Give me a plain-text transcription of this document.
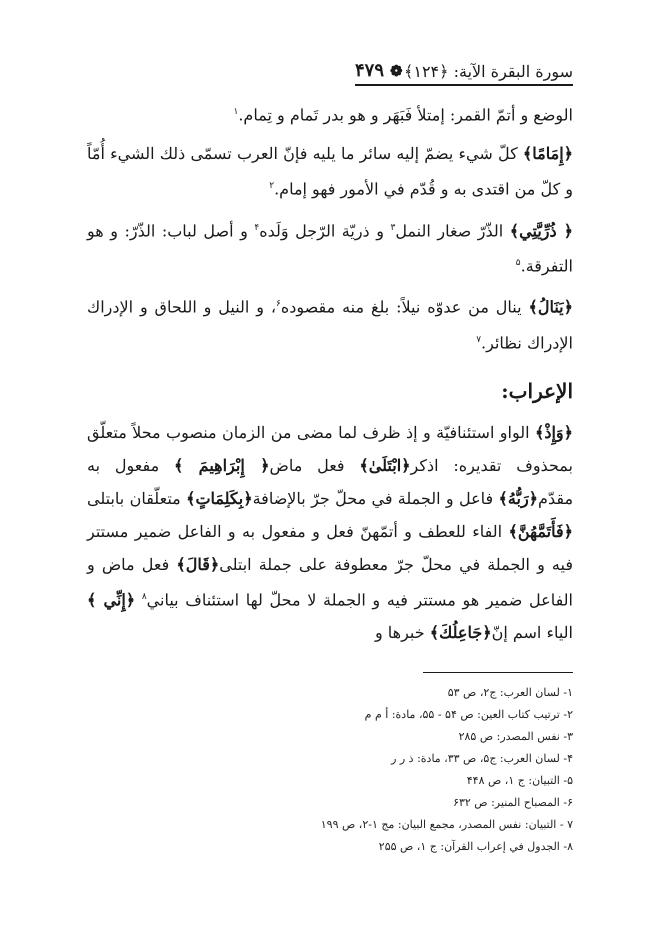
سورة البقرة الآية: ﴿۱۲۴﴾
❁
۴۷۹

الوضع و أتمّ القمر: إمتلأ فَبَهَر و هو بدر تَمام و تِمام.$^۱$

﴿إِمَامًا﴾ كلّ شيء يضمّ إليه سائر ما يليه فإنّ العرب تسمّى ذلك الشيء أُمّاً و كلّ من اقتدى به و قُدّم في الأمور فهو إمام.$^۲$

﴿ ذُرِّيَّتِي﴾ الذّرّ صغار النمل$^۳$ و ذريّة الرّجل وَلَده$^۴$ و أصل لباب: الذّرّ: و هو التفرقة.$^۵$

﴿يَنَالُ﴾ ينال من عدوّه نيلاً: بلغ منه مقصوده$^۶$، و النيل و اللحاق و الإدراك الإدراك نظائر.$^۷$

الإعراب:

﴿وَإِذْ﴾ الواو استئنافيّة و إذ ظرف لما مضى من الزمان منصوب محلاً متعلّق بمحذوف تقديره: اذكر﴿ابْتَلَىٰ﴾ فعل ماض﴿ إِبْرَاهِيمَ ﴾ مفعول به مقدّم﴿رَبُّهُ﴾ فاعل و الجملة في محلّ جرّ بالإضافة﴿بِكَلِمَاتٍ﴾ متعلّقان بابتلى ﴿فَأَتَمَّهُنَّ﴾ الفاء للعطف و أتمّهنّ فعل و مفعول به و الفاعل ضمير مستتر فيه و الجملة في محلّ جرّ معطوفة على جملة ابتلى﴿قَالَ﴾ فعل ماض و الفاعل ضمير هو مستتر فيه و الجملة لا محلّ لها استئناف بياني$^۸$ ﴿إِنِّي ﴾ الياء اسم إنّ﴿جَاعِلُكَ﴾ خبرها و

۱- لسان العرب: ج۲، ص ۵۳
۲- ترتيب كتاب العين: ص ۵۴ - ۵۵، مادة: أ م م
۳- نفس المصدر: ص ۲۸۵
۴- لسان العرب: ج۵، ص ۳۳، مادة: ذ ر ر
۵- التبيان: ج ۱، ص ۴۴۸
۶- المصباح المنير: ص ۶۳۲
۷ - التبيان: نفس المصدر، مجمع البيان: مج ۱-۲، ص ۱۹۹
۸- الجدول في إعراب القرآن: ج ۱، ص ۲۵۵
